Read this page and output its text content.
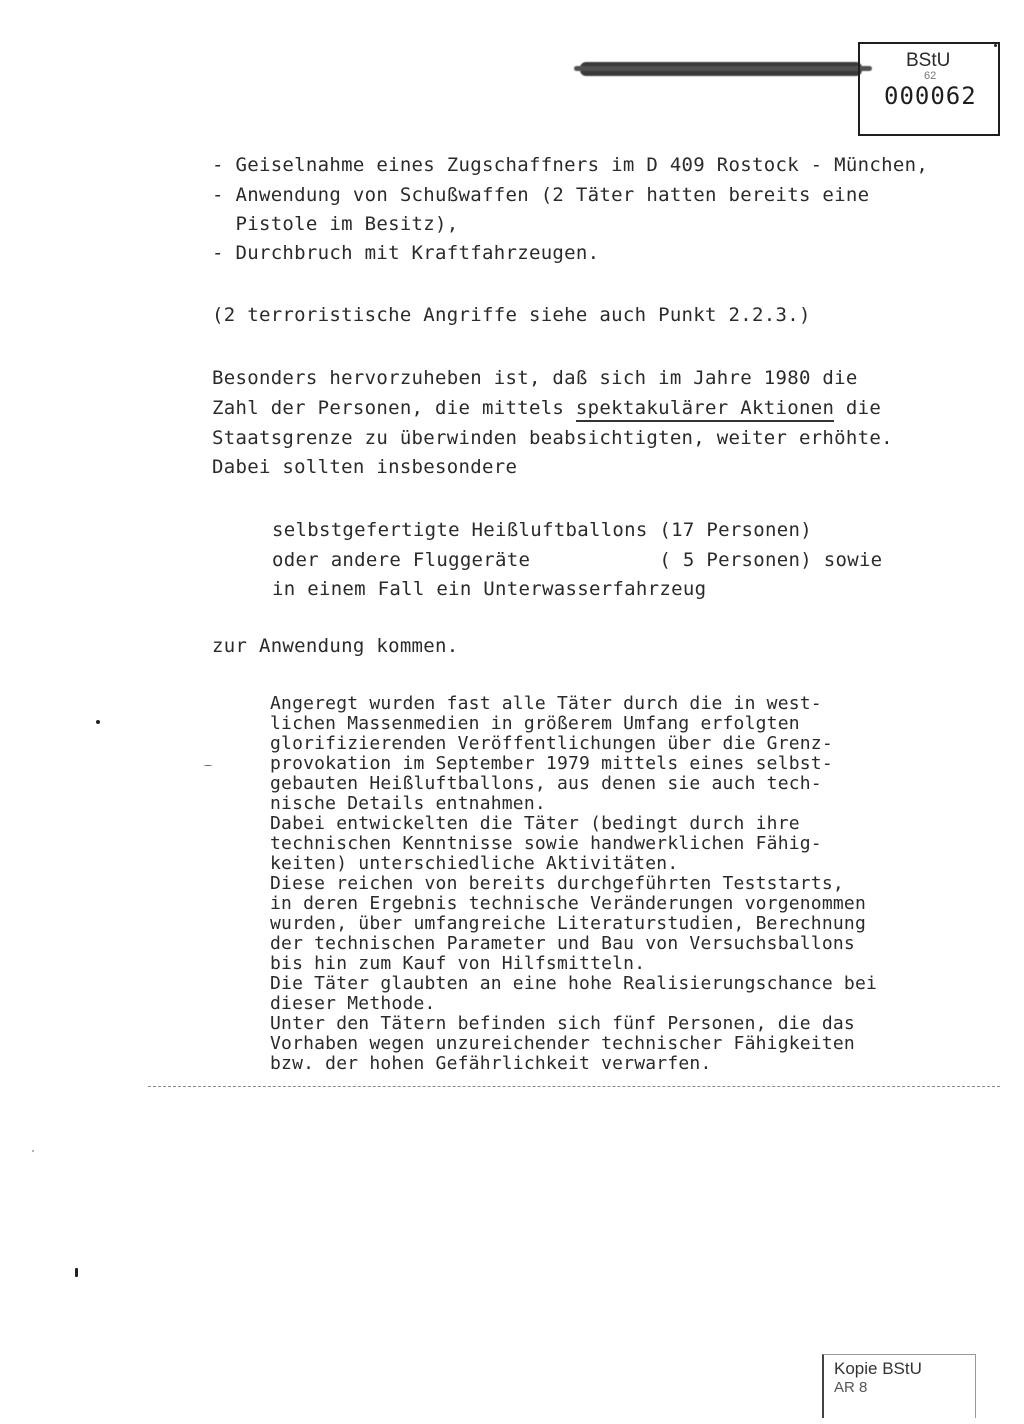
BStU
62
000062
- Geiselnahme eines Zugschaffners im D 409 Rostock - München,
- Anwendung von Schußwaffen (2 Täter hatten bereits eine
Pistole im Besitz),
- Durchbruch mit Kraftfahrzeugen.
(2 terroristische Angriffe siehe auch Punkt 2.2.3.)
Besonders hervorzuheben ist, daß sich im Jahre 1980 die
Zahl der Personen, die mittels spektakulärer Aktionen die
Staatsgrenze zu überwinden beabsichtigten, weiter erhöhte.
Dabei sollten insbesondere
selbstgefertigte Heißluftballons (17 Personen)
oder andere Fluggeräte           ( 5 Personen) sowie
in einem Fall ein Unterwasserfahrzeug
zur Anwendung kommen.
Angeregt wurden fast alle Täter durch die in west-
lichen Massenmedien in größerem Umfang erfolgten
glorifizierenden Veröffentlichungen über die Grenz-
provokation im September 1979 mittels eines selbst-
gebauten Heißluftballons, aus denen sie auch tech-
nische Details entnahmen.
Dabei entwickelten die Täter (bedingt durch ihre
technischen Kenntnisse sowie handwerklichen Fähig-
keiten) unterschiedliche Aktivitäten.
Diese reichen von bereits durchgeführten Teststarts,
in deren Ergebnis technische Veränderungen vorgenommen
wurden, über umfangreiche Literaturstudien, Berechnung
der technischen Parameter und Bau von Versuchsballons
bis hin zum Kauf von Hilfsmitteln.
Die Täter glaubten an eine hohe Realisierungschance bei
dieser Methode.
Unter den Tätern befinden sich fünf Personen, die das
Vorhaben wegen unzureichender technischer Fähigkeiten
bzw. der hohen Gefährlichkeit verwarfen.
Kopie BStU
AR 8
